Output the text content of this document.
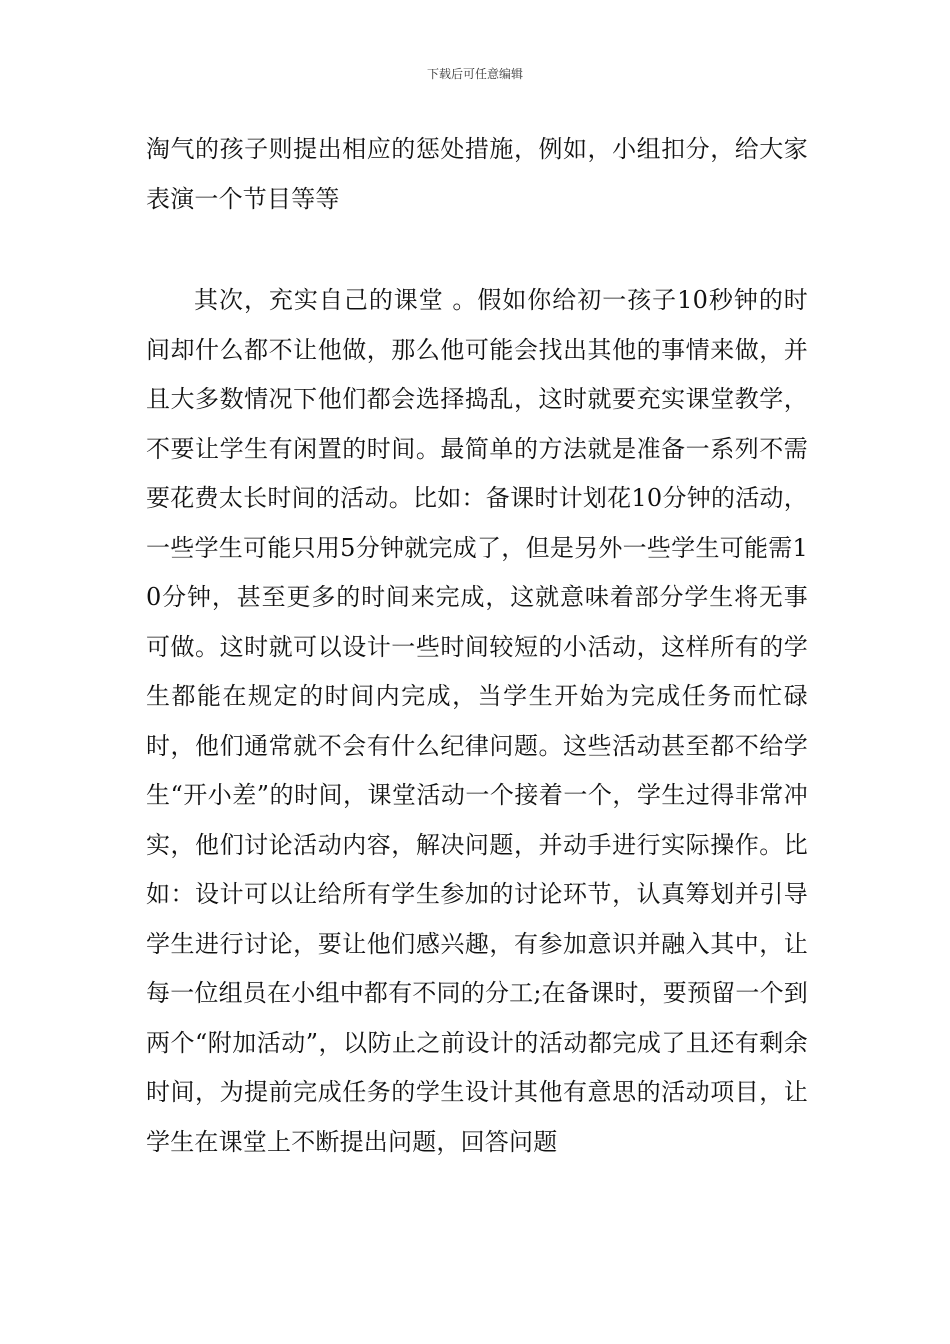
下载后可任意编辑

淘气的孩子则提出相应的惩处措施，例如，小组扣分，给大家表演一个节目等等

其次，充实自己的课堂 。假如你给初一孩子10秒钟的时间却什么都不让他做，那么他可能会找出其他的事情来做，并且大多数情况下他们都会选择捣乱，这时就要充实课堂教学，不要让学生有闲置的时间。最简单的方法就是准备一系列不需要花费太长时间的活动。比如：备课时计划花10分钟的活动，一些学生可能只用5分钟就完成了，但是另外一些学生可能需10分钟，甚至更多的时间来完成，这就意味着部分学生将无事可做。这时就可以设计一些时间较短的小活动，这样所有的学生都能在规定的时间内完成，当学生开始为完成任务而忙碌时，他们通常就不会有什么纪律问题。这些活动甚至都不给学生“开小差”的时间，课堂活动一个接着一个，学生过得非常冲实，他们讨论活动内容，解决问题，并动手进行实际操作。比如：设计可以让给所有学生参加的讨论环节，认真筹划并引导学生进行讨论，要让他们感兴趣，有参加意识并融入其中，让每一位组员在小组中都有不同的分工;在备课时，要预留一个到两个“附加活动”，以防止之前设计的活动都完成了且还有剩余时间，为提前完成任务的学生设计其他有意思的活动项目，让学生在课堂上不断提出问题，回答问题
